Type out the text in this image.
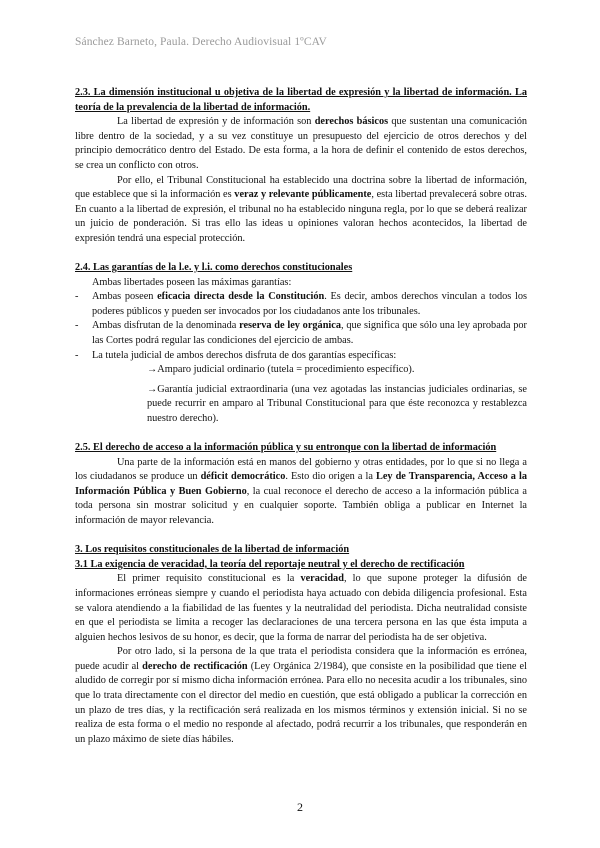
Sánchez Barneto, Paula. Derecho Audiovisual 1ºCAV

2.3. La dimensión institucional u objetiva de la libertad de expresión y la libertad de información. La teoría de la prevalencia de la libertad de información.

La libertad de expresión y de información son derechos básicos que sustentan una comunicación libre dentro de la sociedad, y a su vez constituye un presupuesto del ejercicio de otros derechos y del principio democrático dentro del Estado. De esta forma, a la hora de definir el contenido de estos derechos, se crea un conflicto con otros.

Por ello, el Tribunal Constitucional ha establecido una doctrina sobre la libertad de información, que establece que si la información es veraz y relevante públicamente, esta libertad prevalecerá sobre otras. En cuanto a la libertad de expresión, el tribunal no ha establecido ninguna regla, por lo que se deberá realizar un juicio de ponderación. Si tras ello las ideas u opiniones valoran hechos acontecidos, la libertad de expresión tendrá una especial protección.

2.4. Las garantías de la l.e. y l.i. como derechos constitucionales

Ambas libertades poseen las máximas garantías:

- Ambas poseen eficacia directa desde la Constitución. Es decir, ambos derechos vinculan a todos los poderes públicos y pueden ser invocados por los ciudadanos ante los tribunales.
- Ambas disfrutan de la denominada reserva de ley orgánica, que significa que sólo una ley aprobada por las Cortes podrá regular las condiciones del ejercicio de ambas.
- La tutela judicial de ambos derechos disfruta de dos garantías específicas:
→Amparo judicial ordinario (tutela = procedimiento específico).
→Garantía judicial extraordinaria (una vez agotadas las instancias judiciales ordinarias, se puede recurrir en amparo al Tribunal Constitucional para que éste reconozca y restablezca nuestro derecho).

2.5. El derecho de acceso a la información pública y su entronque con la libertad de información

Una parte de la información está en manos del gobierno y otras entidades, por lo que si no llega a los ciudadanos se produce un déficit democrático. Esto dio origen a la Ley de Transparencia, Acceso a la Información Pública y Buen Gobierno, la cual reconoce el derecho de acceso a la información pública a toda persona sin mostrar solicitud y en cualquier soporte. También obliga a publicar en Internet la información de mayor relevancia.

3. Los requisitos constitucionales de la libertad de información

3.1 La exigencia de veracidad, la teoría del reportaje neutral y el derecho de rectificación

El primer requisito constitucional es la veracidad, lo que supone proteger la difusión de informaciones erróneas siempre y cuando el periodista haya actuado con debida diligencia profesional. Esta se valora atendiendo a la fiabilidad de las fuentes y la neutralidad del periodista. Dicha neutralidad consiste en que el periodista se limita a recoger las declaraciones de una tercera persona en las que ésta imputa a alguien hechos lesivos de su honor, es decir, que la forma de narrar del periodista ha de ser objetiva.

Por otro lado, si la persona de la que trata el periodista considera que la información es errónea, puede acudir al derecho de rectificación (Ley Orgánica 2/1984), que consiste en la posibilidad que tiene el aludido de corregir por sí mismo dicha información errónea. Para ello no necesita acudir a los tribunales, sino que lo trata directamente con el director del medio en cuestión, que está obligado a publicar la corrección en un plazo de tres días, y la rectificación será realizada en los mismos términos y extensión inicial. Si no se realiza de esta forma o el medio no responde al afectado, podrá recurrir a los tribunales, que responderán en un plazo máximo de siete días hábiles.

2
